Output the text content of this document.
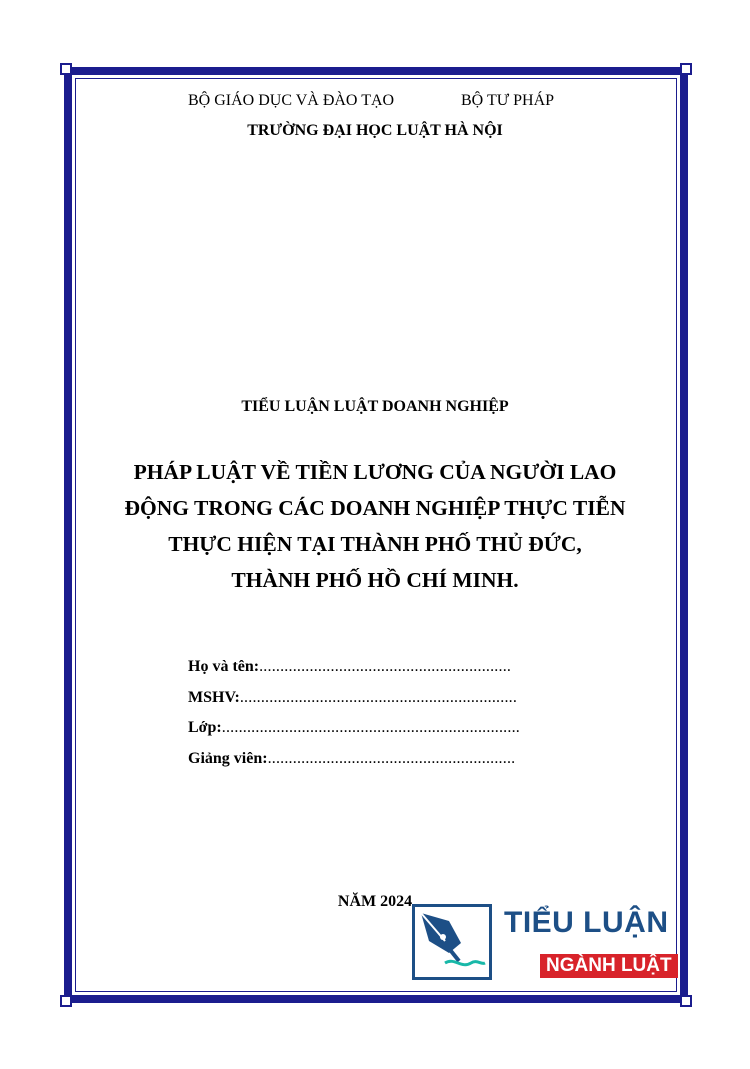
BỘ GIÁO DỤC VÀ ĐÀO TẠO	BỘ TƯ PHÁP
TRƯỜNG ĐẠI HỌC LUẬT HÀ NỘI
TIỂU LUẬN LUẬT DOANH NGHIỆP
PHÁP LUẬT VỀ TIỀN LƯƠNG CỦA NGƯỜI LAO
ĐỘNG TRONG CÁC DOANH NGHIỆP THỰC TIỄN
THỰC HIỆN TẠI THÀNH PHỐ THỦ ĐỨC,
THÀNH PHỐ HỒ CHÍ MINH.
Họ và tên: ............................................................
MSHV: ..................................................................
Lớp: .......................................................................
Giảng viên: ...........................................................
NĂM 2024
TIỂU LUẬN
NGÀNH LUẬT
